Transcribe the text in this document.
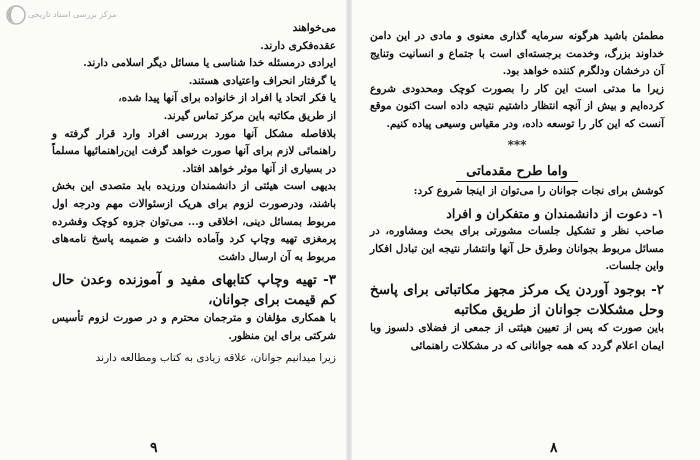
مرکز بررسی اسناد تاریخی

می‌خواهند

عقده‌فکری دارند.

ایرادی درمسئله خدا شناسی یا مسائل دیگر اسلامی دارند.

یا گرفتار انحراف واعتیادی هستند.

یا فکر اتحاد یا افراد از خانواده برای آنها پیدا شده،

از طریق مکاتبه باین مرکز تماس گیرند.

بلافاصله مشکل آنها مورد بررسی افراد وارد قرار گرفته و راهنمائی لازم برای آنها صورت خواهد گرفت این‌راهنمائیها مسلماً در بسیاری از آنها موثر خواهد افتاد.

بدیهی است هیئتی از دانشمندان ورزیده باید متصدی این بخش باشند، ودرصورت لزوم برای هریک ازسئوالات مهم ودرجه اول مربوط بمسائل دینی، اخلاقی و... می‌توان جزوه کوچک وفشرده پرمغزی تهیه وچاپ کرد وآماده داشت و ضمیمه پاسخ نامه‌های مربوط به آن ارسال داشت

۳- تهیه وچاپ کتابهای مفید و آموزنده وعدن حال کم قیمت برای جوانان،

با همکاری مؤلفان و مترجمان محترم و در صورت لزوم تأسیس شرکتی برای این منظور.

زیرا میدانیم جوانان، علاقه زیادی به کتاب ومطالعه دارند

۹

مطمئن باشید هرگونه سرمایه گذاری معنوی و مادی در این دامن خداوند بزرگ، وخدمت برجسته‌ای است با جتماع و انسانیت وتنایج آن درخشان ودلگرم کننده خواهد بود.

زیرا ما مدتی است این کار را بصورت کوچک ومحدودی شروع کرده‌ایم و بیش از آنچه انتظار داشتیم نتیجه داده است اکنون موقع آنست که این کار را توسعه داده، ودر مقیاس وسیعی پیاده کنیم.

***
واما طرح مقدماتی

کوشش برای نجات جوانان را می‌توان از اینجا شروع کرد:

۱- دعوت از دانشمندان و متفکران و افراد

صاحب نظر و تشکیل جلسات مشورتی برای بحث ومشاوره، در مسائل مربوط بجوانان وطرق حل آنها وانتشار نتیجه این تبادل افکار واین جلسات.

۲- بوجود آوردن یک مرکز مجهز مکاتباتی برای پاسخ وحل مشکلات جوانان از طریق مکاتبه

باین صورت که پس از تعیین هیئتی از جمعی از فضلای دلسوز وبا ایمان اعلام گردد که همه جوانانی که در مشکلات راهنمائی

۸
